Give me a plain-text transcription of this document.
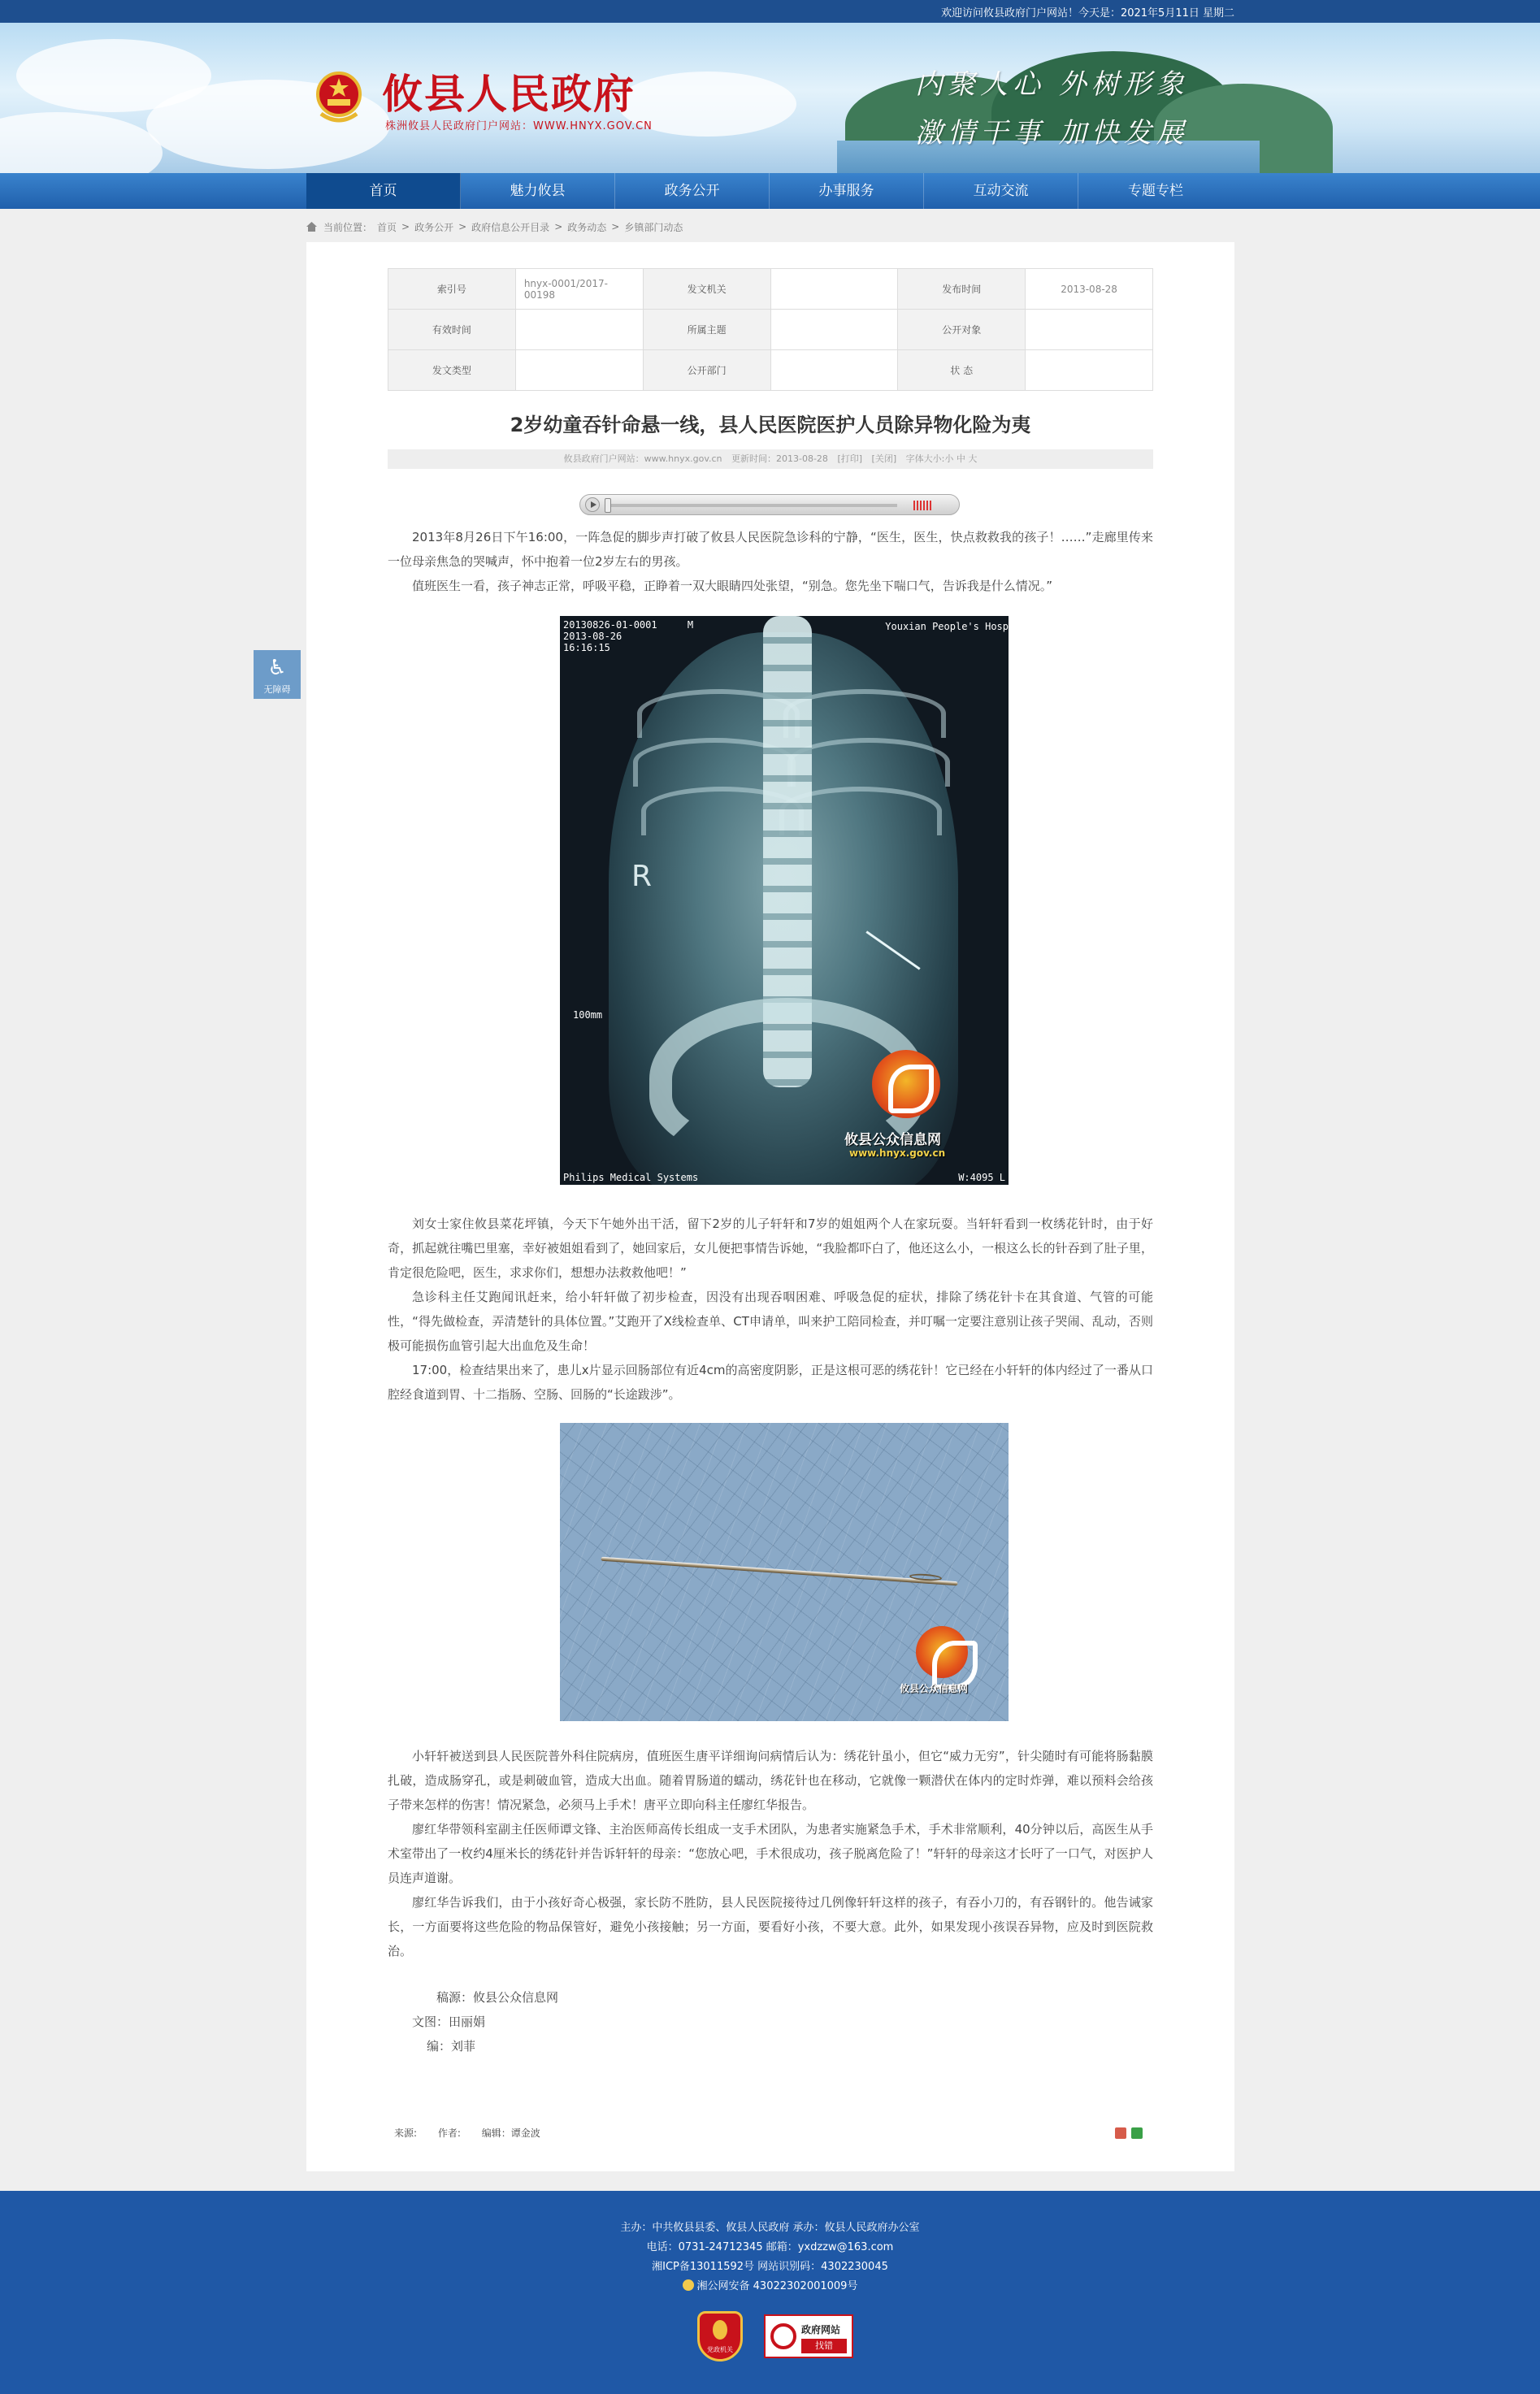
欢迎访问攸县政府门户网站！今天是：2021年5月11日 星期二
攸县人民政府
株洲攸县人民政府门户网站：WWW.HNYX.GOV.CN
内聚人心 外树形象
激情干事 加快发展
首页	魅力攸县	政务公开	办事服务	互动交流	专题专栏
当前位置： 首页 > 政务公开 > 政府信息公开目录 > 政务动态 > 乡镇部门动态
♿
无障碍
索引号	hnyx-0001/2017-00198	发文机关		发布时间	2013-08-28
有效时间		所属主题		公开对象	
发文类型		公开部门		状 态	
2岁幼童吞针命悬一线，县人民医院医护人员除异物化险为夷
攸县政府门户网站：www.hnyx.gov.cn 更新时间：2013-08-28 [打印] [关闭] 字体大小:小 中 大

2013年8月26日下午16:00，一阵急促的脚步声打破了攸县人民医院急诊科的宁静，“医生，医生，快点救救我的孩子！……”走廊里传来一位母亲焦急的哭喊声，怀中抱着一位2岁左右的男孩。

值班医生一看，孩子神志正常，呼吸平稳，正睁着一双大眼睛四处张望，“别急。您先坐下喘口气，告诉我是什么情况。”

20130826-01-0001	M
2013-08-26
16:16:15
Youxian People's Hosp
R
100mm
Philips Medical Systems	W:4095 L
攸县公众信息网
www.hnyx.gov.cn

刘女士家住攸县菜花坪镇，今天下午她外出干活，留下2岁的儿子轩轩和7岁的姐姐两个人在家玩耍。当轩轩看到一枚绣花针时，由于好奇，抓起就往嘴巴里塞，幸好被姐姐看到了，她回家后，女儿便把事情告诉她，“我脸都吓白了，他还这么小，一根这么长的针吞到了肚子里，肯定很危险吧，医生，求求你们，想想办法救救他吧！”

急诊科主任艾跑闻讯赶来，给小轩轩做了初步检查，因没有出现吞咽困难、呼吸急促的症状，排除了绣花针卡在其食道、气管的可能性，“得先做检查，弄清楚针的具体位置。”艾跑开了X线检查单、CT申请单，叫来护工陪同检查，并叮嘱一定要注意别让孩子哭闹、乱动，否则极可能损伤血管引起大出血危及生命！

17:00，检查结果出来了，患儿x片显示回肠部位有近4cm的高密度阴影，正是这根可恶的绣花针！它已经在小轩轩的体内经过了一番从口腔经食道到胃、十二指肠、空肠、回肠的“长途跋涉”。

攸县公众信息网

小轩轩被送到县人民医院普外科住院病房，值班医生唐平详细询问病情后认为：绣花针虽小，但它“威力无穷”，针尖随时有可能将肠黏膜扎破，造成肠穿孔，或是刺破血管，造成大出血。随着胃肠道的蠕动，绣花针也在移动，它就像一颗潜伏在体内的定时炸弹，难以预料会给孩子带来怎样的伤害！情况紧急，必须马上手术！唐平立即向科主任廖红华报告。

廖红华带领科室副主任医师谭文锋、主治医师高传长组成一支手术团队，为患者实施紧急手术，手术非常顺利，40分钟以后，高医生从手术室带出了一枚约4厘米长的绣花针并告诉轩轩的母亲：“您放心吧，手术很成功，孩子脱离危险了！”轩轩的母亲这才长吁了一口气，对医护人员连声道谢。

廖红华告诉我们，由于小孩好奇心极强，家长防不胜防，县人民医院接待过几例像轩轩这样的孩子，有吞小刀的，有吞钢针的。他告诫家长，一方面要将这些危险的物品保管好，避免小孩接触；另一方面，要看好小孩，不要大意。此外，如果发现小孩误吞异物，应及时到医院救治。

稿源：攸县公众信息网
文图：田丽娟
编：刘菲
来源: 作者: 编辑：谭金波
主办：中共攸县县委、攸县人民政府 承办：攸县人民政府办公室
电话：0731-24712345 邮箱：yxdzzw@163.com
湘ICP备13011592号 网站识别码：4302230045
湘公网安备 43022302001009号
党政机关
政府网站
找错
